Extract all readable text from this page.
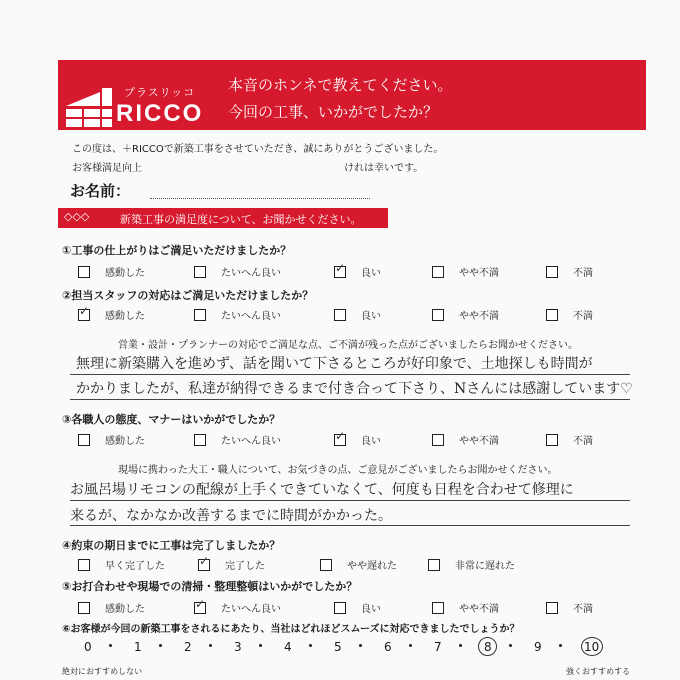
プラスリッコ
RICCO
本音のホンネで教えてください。
今回の工事、いかがでしたか？
この度は、＋RICCOで新築工事をさせていただき、誠にありがとうございました。
お客様満足向上	けれは幸いです。
お名前：
◇◇◇	新築工事の満足度について、お聞かせください。
①工事の仕上がりはご満足いただけましたか？
感動した	たいへん良い	✓ 良い	やや不満	不満
②担当スタッフの対応はご満足いただけましたか？
✓ 感動した	たいへん良い	良い	やや不満	不満
営業・設計・プランナーの対応でご満足な点、ご不満が残った点がございましたらお聞かせください。
無理に新築購入を進めず、話を聞いて下さるところが好印象で、土地探しも時間が
かかりましたが、私達が納得できるまで付き合って下さり、Nさんには感謝しています♡
③各職人の態度、マナーはいかがでしたか？
感動した	たいへん良い	✓ 良い	やや不満	不満
現場に携わった大工・職人について、お気づきの点、ご意見がございましたらお聞かせください。
お風呂場リモコンの配線が上手くできていなくて、何度も日程を合わせて修理に
来るが、なかなか改善するまでに時間がかかった。
④約束の期日までに工事は完了しましたか？
早く完了した	✓ 完了した	やや遅れた	非常に遅れた
⑤お打合わせや現場での清掃・整理整頓はいかがでしたか？
感動した	✓ たいへん良い	良い	やや不満	不満
⑥お客様が今回の新築工事をされるにあたり、当社はどれほどスムーズに対応できましたでしょうか？
0	1	2	3	4	5	6	7	8	9	10
絶対におすすめしない	強くおすすめする
